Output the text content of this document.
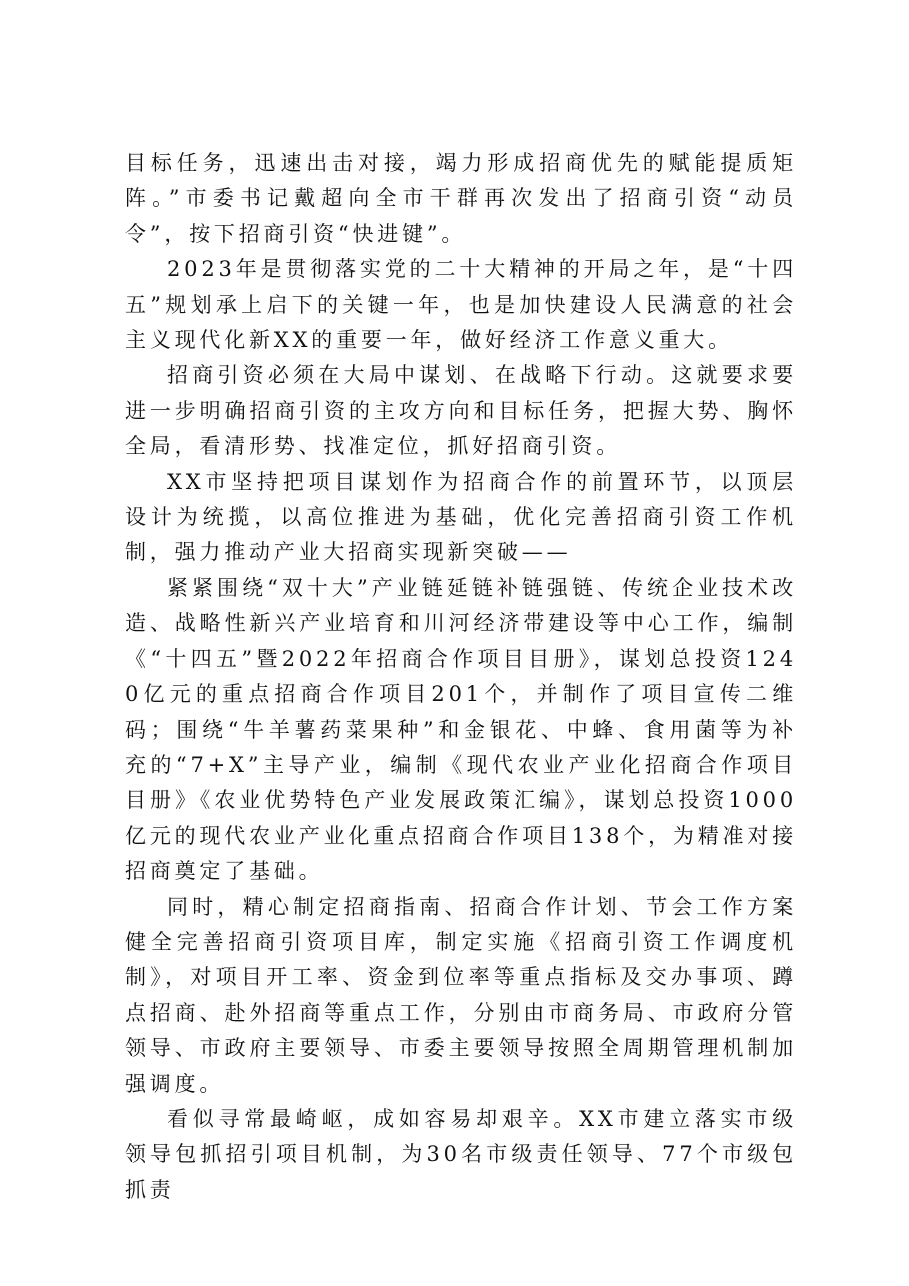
目标任务，迅速出击对接，竭力形成招商优先的赋能提质矩阵。”市委书记戴超向全市干群再次发出了招商引资“动员令”，按下招商引资“快进键”。

2023年是贯彻落实党的二十大精神的开局之年，是“十四五”规划承上启下的关键一年，也是加快建设人民满意的社会主义现代化新XX的重要一年，做好经济工作意义重大。

招商引资必须在大局中谋划、在战略下行动。这就要求要进一步明确招商引资的主攻方向和目标任务，把握大势、胸怀全局，看清形势、找准定位，抓好招商引资。

XX市坚持把项目谋划作为招商合作的前置环节，以顶层设计为统揽，以高位推进为基础，优化完善招商引资工作机制，强力推动产业大招商实现新突破——

紧紧围绕“双十大”产业链延链补链强链、传统企业技术改造、战略性新兴产业培育和川河经济带建设等中心工作，编制《“十四五”暨2022年招商合作项目目册》，谋划总投资1240亿元的重点招商合作项目201个，并制作了项目宣传二维码；围绕“牛羊薯药菜果种”和金银花、中蜂、食用菌等为补充的“7+X”主导产业，编制《现代农业产业化招商合作项目目册》《农业优势特色产业发展政策汇编》，谋划总投资1000亿元的现代农业产业化重点招商合作项目138个，为精准对接招商奠定了基础。

同时，精心制定招商指南、招商合作计划、节会工作方案健全完善招商引资项目库，制定实施《招商引资工作调度机制》，对项目开工率、资金到位率等重点指标及交办事项、蹲点招商、赴外招商等重点工作，分别由市商务局、市政府分管领导、市政府主要领导、市委主要领导按照全周期管理机制加强调度。

看似寻常最崎岖，成如容易却艰辛。XX市建立落实市级领导包抓招引项目机制，为30名市级责任领导、77个市级包抓责
